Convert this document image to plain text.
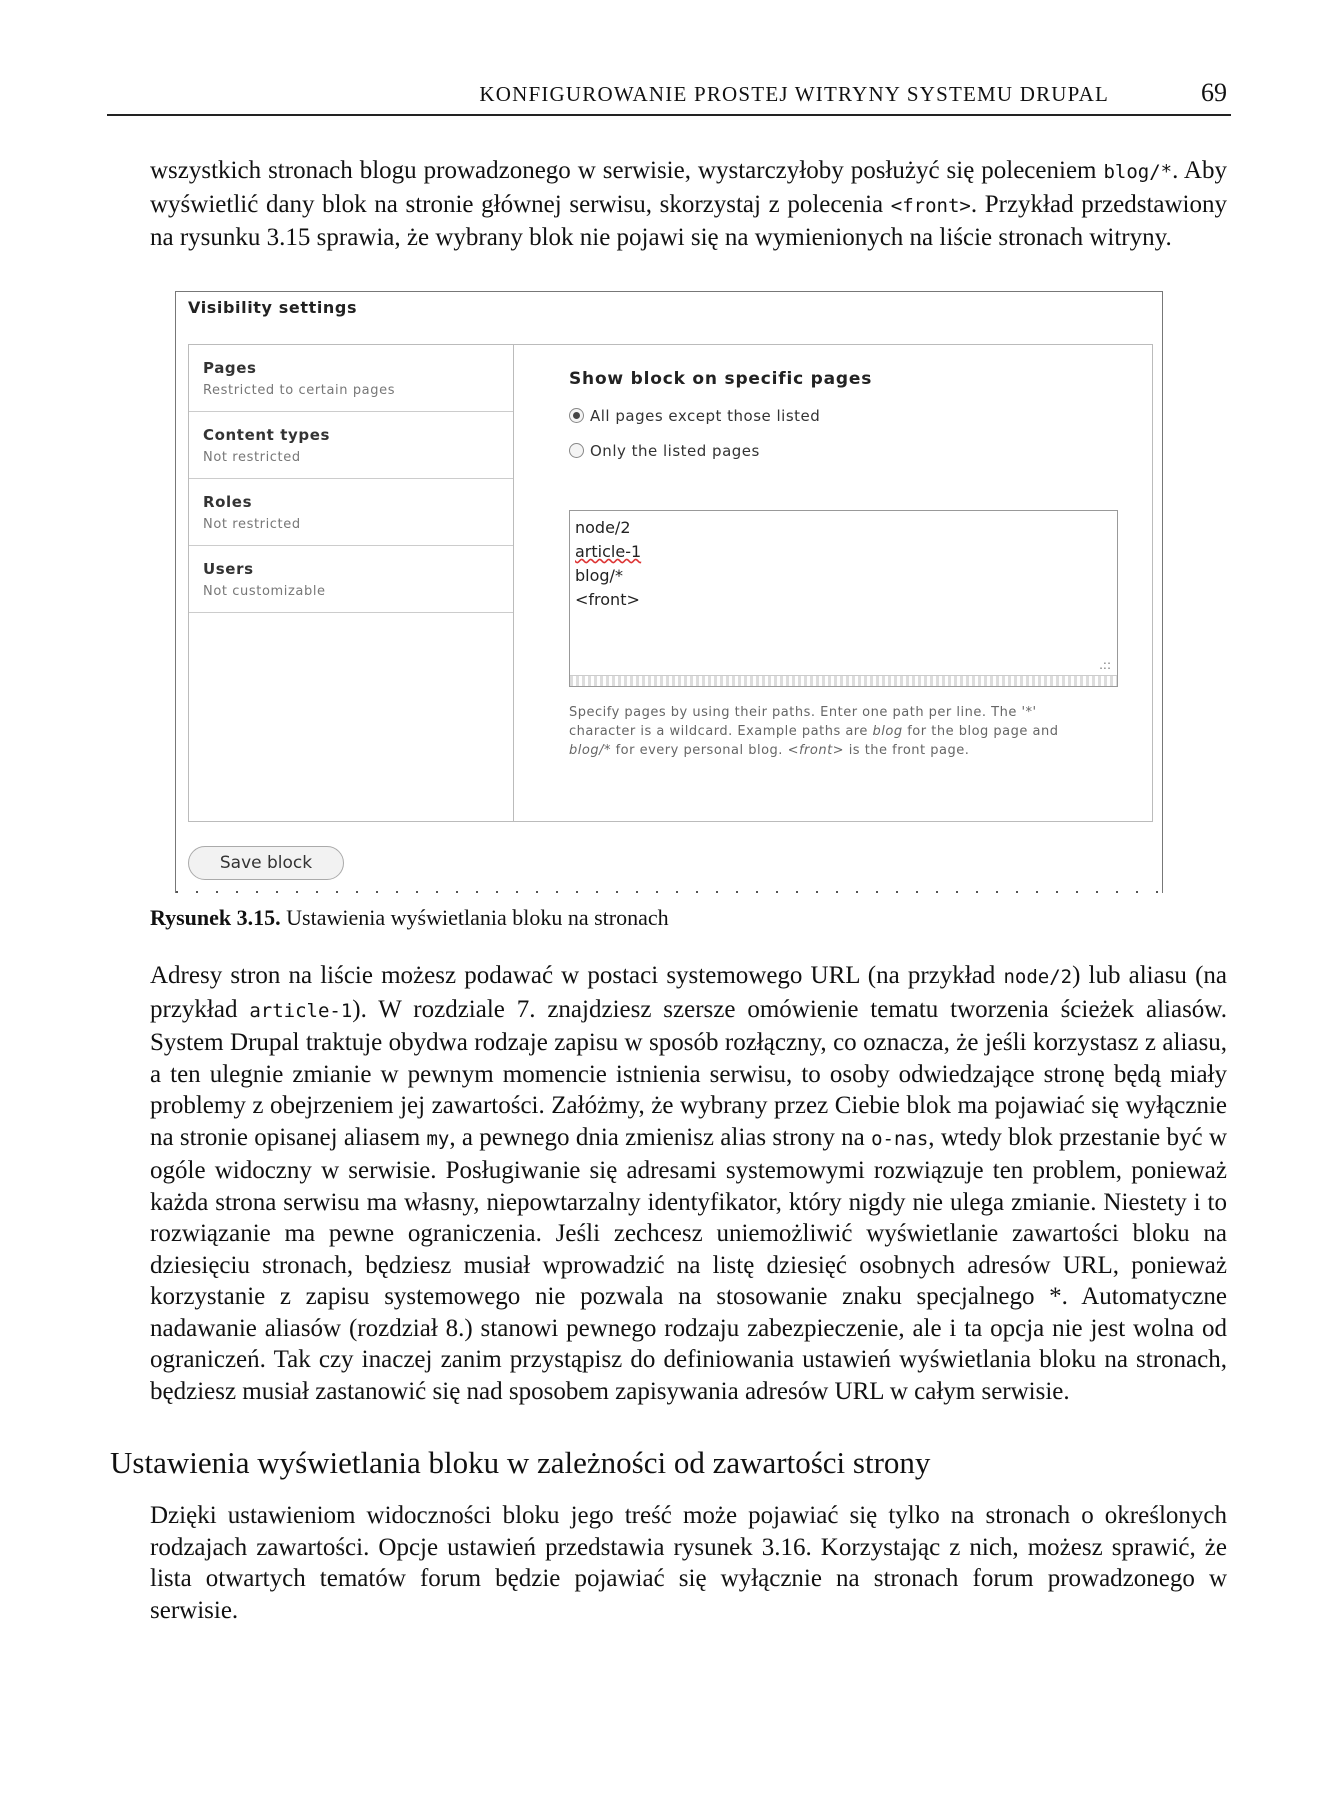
KONFIGUROWANIE PROSTEJ WITRYNY SYSTEMU DRUPAL	69

wszystkich stronach blogu prowadzonego w serwisie, wystarczyłoby posłużyć się poleceniem blog/*. Aby wyświetlić dany blok na stronie głównej serwisu, skorzystaj z polecenia <front>. Przykład przedstawiony na rysunku 3.15 sprawia, że wybrany blok nie pojawi się na wymienionych na liście stronach witryny.

Visibility settings
Pages
Restricted to certain pages
Content types
Not restricted
Roles
Not restricted
Users
Not customizable
Show block on specific pages
All pages except those listed
Only the listed pages
node/2
article-1
blog/*
<front>
.::
Specify pages by using their paths. Enter one path per line. The '*' character is a wildcard. Example paths are blog for the blog page and blog/* for every personal blog. <front> is the front page.
Save block
Rysunek 3.15. Ustawienia wyświetlania bloku na stronach

Adresy stron na liście możesz podawać w postaci systemowego URL (na przykład node/2) lub aliasu (na przykład article-1). W rozdziale 7. znajdziesz szersze omówienie tematu tworzenia ścieżek aliasów. System Drupal traktuje obydwa rodzaje zapisu w sposób rozłączny, co oznacza, że jeśli korzystasz z aliasu, a ten ulegnie zmianie w pewnym momencie istnienia serwisu, to osoby odwiedzające stronę będą miały problemy z obejrzeniem jej zawartości. Załóżmy, że wybrany przez Ciebie blok ma pojawiać się wyłącznie na stronie opisanej aliasem my, a pewnego dnia zmienisz alias strony na o-nas, wtedy blok przestanie być w ogóle widoczny w serwisie. Posługiwanie się adresami systemowymi rozwiązuje ten problem, ponieważ każda strona serwisu ma własny, niepowtarzalny identyfikator, który nigdy nie ulega zmianie. Niestety i to rozwiązanie ma pewne ograniczenia. Jeśli zechcesz uniemożliwić wyświetlanie zawartości bloku na dziesięciu stronach, będziesz musiał wprowadzić na listę dziesięć osobnych adresów URL, ponieważ korzystanie z zapisu systemowego nie pozwala na stosowanie znaku specjalnego *. Automatyczne nadawanie aliasów (rozdział 8.) stanowi pewnego rodzaju zabezpieczenie, ale i ta opcja nie jest wolna od ograniczeń. Tak czy inaczej zanim przystąpisz do definiowania ustawień wyświetlania bloku na stronach, będziesz musiał zastanowić się nad sposobem zapisywania adresów URL w całym serwisie.

Ustawienia wyświetlania bloku w zależności od zawartości strony

Dzięki ustawieniom widoczności bloku jego treść może pojawiać się tylko na stronach o określonych rodzajach zawartości. Opcje ustawień przedstawia rysunek 3.16. Korzystając z nich, możesz sprawić, że lista otwartych tematów forum będzie pojawiać się wyłącznie na stronach forum prowadzonego w serwisie.
